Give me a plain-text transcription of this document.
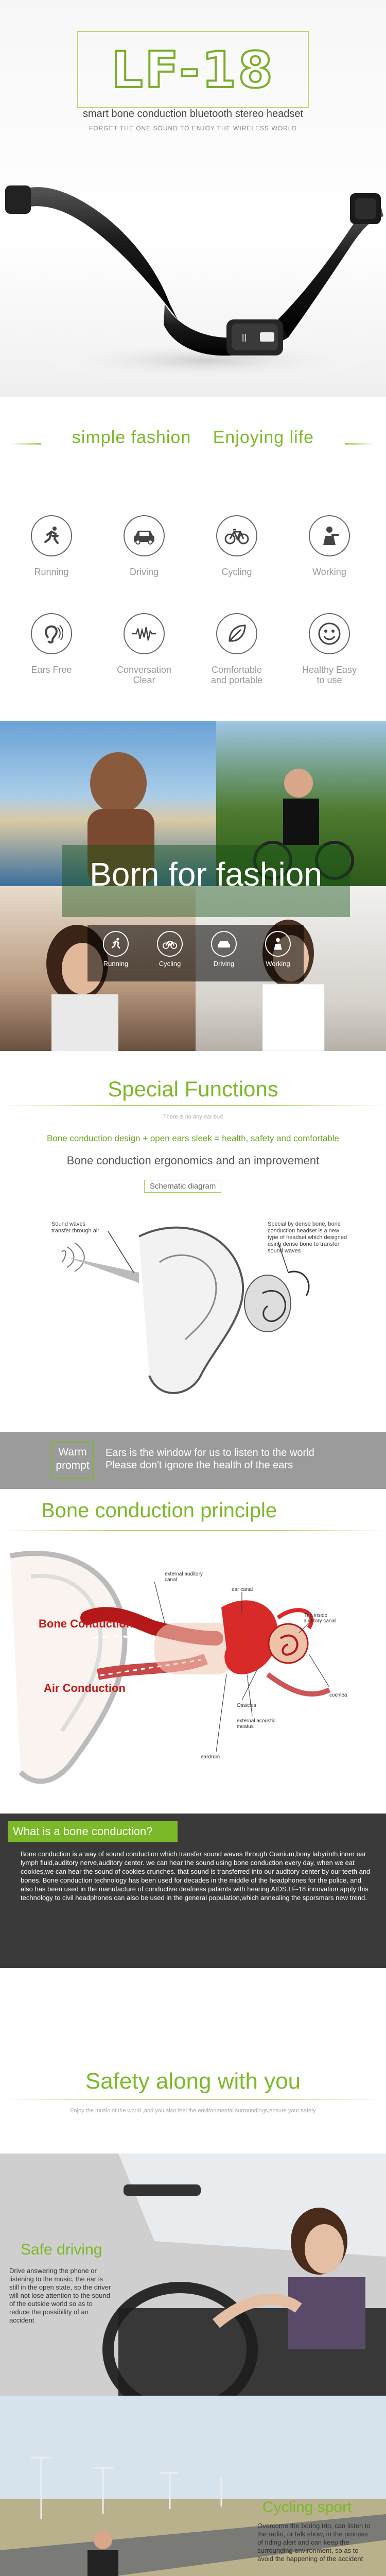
LF-18
smart bone conduction bluetooth stereo headset
FORGET THE ONE SOUND TO ENJOY THE WIRELESS WORLD
ll
simple fashion Enjoying life
Running	Driving	Cycling	Working
Ears Free	Conversation Clear
Comfortable and portable
Healthy Easy to use
Born for fashion
Running	Cycling	Driving	Working
Special Functions
There is no any ear bud
Bone conduction design + open ears sleek = health, safety and comfortable
Bone conduction ergonomics and an improvement
Schematic diagram
Sound waves
transfer through air
Special by dense bone, bone conduction headset is a new type of headset which designed using dense bone to transfer sound waves
Warm prompt
Ears is the window for us to listen to the world
Please don't ignore the health of the ears
Bone conduction principle
Bone Conduction
Air Conduction
external auditory canal
ear canal
The inside auditory canal
cochlea
eardrum
Ossicles
external acoustic meatus
What is a bone conduction?
Bone conduction is a way of sound conduction which transfer sound waves through Cranium,bony labyrinth,inner ear lymph fluid,auditory nerve,auditory center. we can hear the sound using bone conduction every day, when we eat cookies,we can hear the sound of cookies crunches. that sound is transferred into our auditory center by our teeth and bones. Bone conduction technology has been used for decades in the middle of the headphones for the police, and also has been used in the manufacture of conductive deafness patients with hearing AIDS.LF-18 innovation apply this technology to civil headphones can also be used in the general population,which annealing the sporsmars new trend.
Safety along with you
Enjoy the music of the world ,and you also feel the environmental surroundings,ensure your safety
Safe driving
Drive answering the phone or listening to the music, the ear is still in the open state, so the driver will not lose attention to the sound of the outside world so as to reduce the possibility of an accident
Cycling sport
Overcome the boring trip, can listen to the radio, or talk show, in the process of riding alert and can keep the surrounding environment, so as to avoid the happening of the accident
